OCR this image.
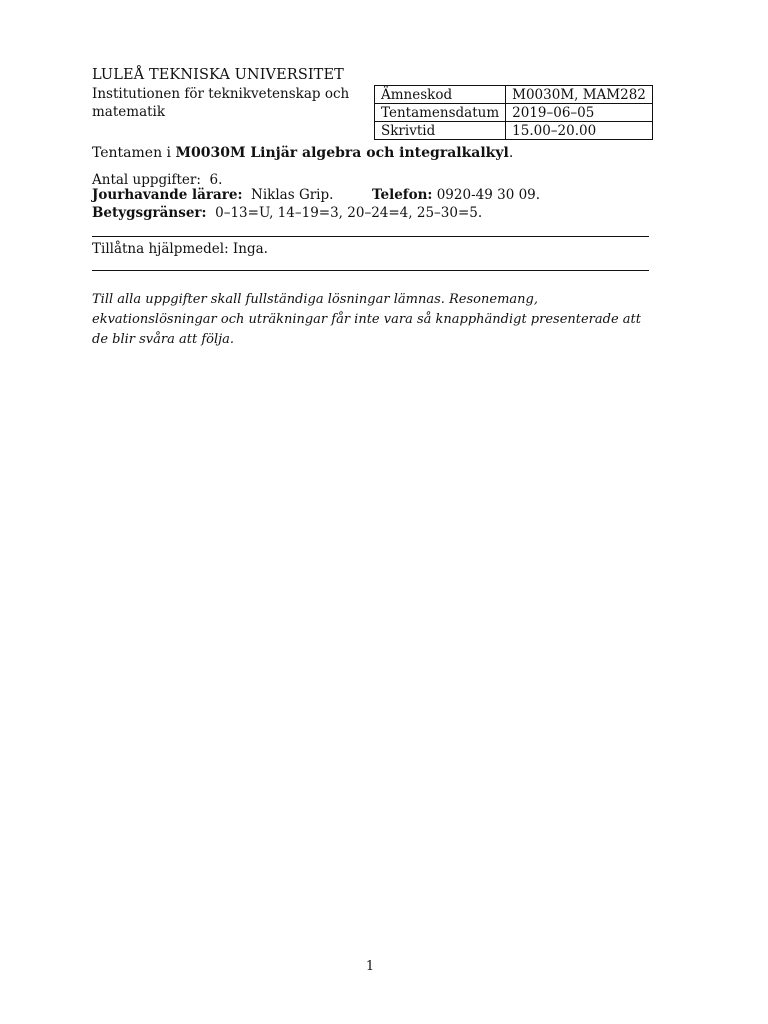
LULEÅ TEKNISKA UNIVERSITET
Institutionen för teknikvetenskap och matematik
Ämneskod	M0030M, MAM282
Tentamensdatum	2019–06–05
Skrivtid	15.00–20.00
Tentamen i M0030M Linjär algebra och integralkalkyl.
Antal uppgifter: 6.
Jourhavande lärare: Niklas Grip.	Telefon: 0920-49 30 09.
Betygsgränser: 0–13=U, 14–19=3, 20–24=4, 25–30=5.
Tillåtna hjälpmedel: Inga.
Till alla uppgifter skall fullständiga lösningar lämnas. Resonemang, ekvationslösningar och uträkningar får inte vara så knapphändigt presenterade att de blir svåra att följa.
1
